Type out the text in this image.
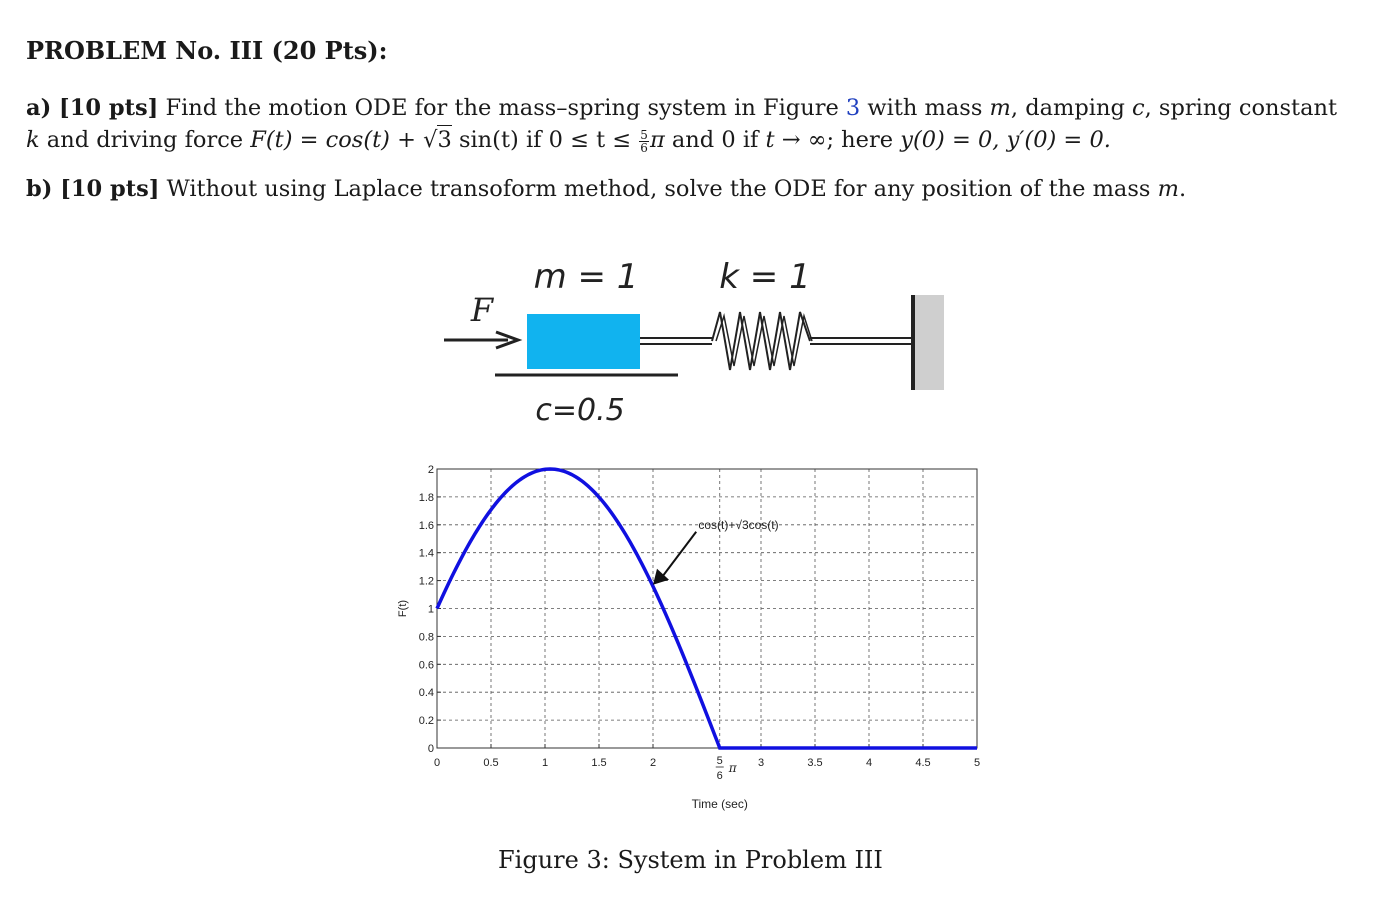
PROBLEM No. III (20 Pts):
a) [10 pts] Find the motion ODE for the mass–spring system in Figure 3 with mass m, damping c, spring constant
k and driving force F(t) = cos(t) + √3 sin(t) if $0 \le t \le \frac{5}{6}$ π and 0 if t → ∞; here y(0) = 0, y′(0) = 0.
b) [10 pts] Without using Laplace transoform method, solve the ODE for any position of the mass m.
m = 1 k = 1
F
c=0.5
0
0.2
0.4
0.6
0.8
1
1.2
1.4
1.6
1.8
2
0	0.5	1	1.5	2	3	3.5	4	4.5	5
5
6
π
cos(t)+√3cos(t)
F(t)
Time (sec)
Figure 3: System in Problem III
